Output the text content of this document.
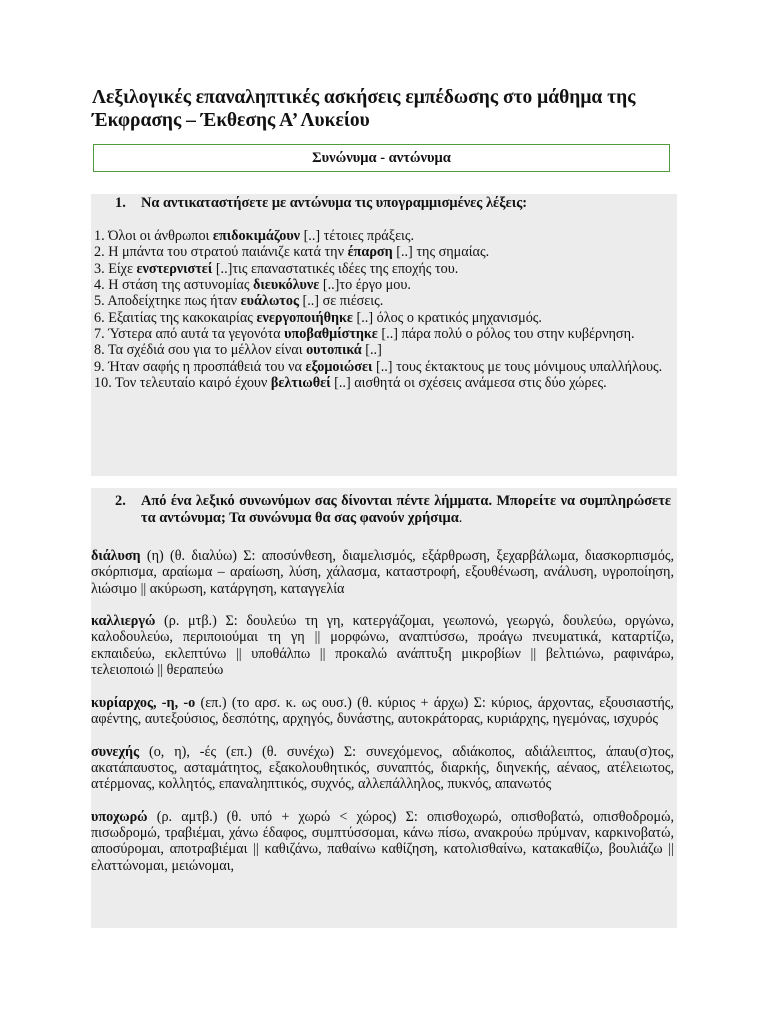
Λεξιλογικές επαναληπτικές ασκήσεις εμπέδωσης στο μάθημα της Έκφρασης – Έκθεσης Α’ Λυκείου
Συνώνυμα - αντώνυμα
1. Να αντικαταστήσετε με αντώνυμα τις υπογραμμισμένες λέξεις:
1. Όλοι οι άνθρωποι επιδοκιμάζουν [..] τέτοιες πράξεις.
2. Η μπάντα του στρατού παιάνιζε κατά την έπαρση [..] της σημαίας.
3. Είχε ενστερνιστεί [..]τις επαναστατικές ιδέες της εποχής του.
4. Η στάση της αστυνομίας διευκόλυνε [..]το έργο μου.
5. Αποδείχτηκε πως ήταν ευάλωτος [..] σε πιέσεις.
6. Εξαιτίας της κακοκαιρίας ενεργοποιήθηκε [..] όλος ο κρατικός μηχανισμός.
7. Ύστερα από αυτά τα γεγονότα υποβαθμίστηκε [..] πάρα πολύ ο ρόλος του στην κυβέρνηση.
8. Τα σχέδιά σου για το μέλλον είναι ουτοπικά [..]
9. Ήταν σαφής η προσπάθειά του να εξομοιώσει [..] τους έκτακτους με τους μόνιμους υπαλλήλους.
10. Τον τελευταίο καιρό έχουν βελτιωθεί [..] αισθητά οι σχέσεις ανάμεσα στις δύο χώρες.
2. Από ένα λεξικό συνωνύμων σας δίνονται πέντε λήμματα. Μπορείτε να συμπληρώσετε τα αντώνυμα; Τα συνώνυμα θα σας φανούν χρήσιμα.
διάλυση (η) (θ. διαλύω) Σ: αποσύνθεση, διαμελισμός, εξάρθρωση, ξεχαρβάλωμα, διασκορπισμός, σκόρπισμα, αραίωμα – αραίωση, λύση, χάλασμα, καταστροφή, εξουθένωση, ανάλυση, υγροποίηση, λιώσιμο || ακύρωση, κατάργηση, καταγγελία
καλλιεργώ (ρ. μτβ.) Σ: δουλεύω τη γη, κατεργάζομαι, γεωπονώ, γεωργώ, δουλεύω, οργώνω, καλοδουλεύω, περιποιούμαι τη γη || μορφώνω, αναπτύσσω, προάγω πνευματικά, καταρτίζω, εκπαιδεύω, εκλεπτύνω || υποθάλπω || προκαλώ ανάπτυξη μικροβίων || βελτιώνω, ραφινάρω, τελειοποιώ || θεραπεύω
κυρίαρχος, -η, -ο (επ.) (το αρσ. κ. ως ουσ.) (θ. κύριος + άρχω) Σ: κύριος, άρχοντας, εξουσιαστής, αφέντης, αυτεξούσιος, δεσπότης, αρχηγός, δυνάστης, αυτοκράτορας, κυριάρχης, ηγεμόνας, ισχυρός
συνεχής (ο, η), -ές (επ.) (θ. συνέχω) Σ: συνεχόμενος, αδιάκοπος, αδιάλειπτος, άπαυ(σ)τος, ακατάπαυστος, ασταμάτητος, εξακολουθητικός, συναπτός, διαρκής, διηνεκής, αέναος, ατέλειωτος, ατέρμονας, κολλητός, επαναληπτικός, συχνός, αλλεπάλληλος, πυκνός, απανωτός
υποχωρώ (ρ. αμτβ.) (θ. υπό + χωρώ < χώρος) Σ: οπισθοχωρώ, οπισθοβατώ, οπισθοδρομώ, πισωδρομώ, τραβιέμαι, χάνω έδαφος, συμπτύσσομαι, κάνω πίσω, ανακρούω πρύμναν, καρκινοβατώ, αποσύρομαι, αποτραβιέμαι || καθιζάνω, παθαίνω καθίζηση, κατολισθαίνω, κατακαθίζω, βουλιάζω || ελαττώνομαι, μειώνομαι,
